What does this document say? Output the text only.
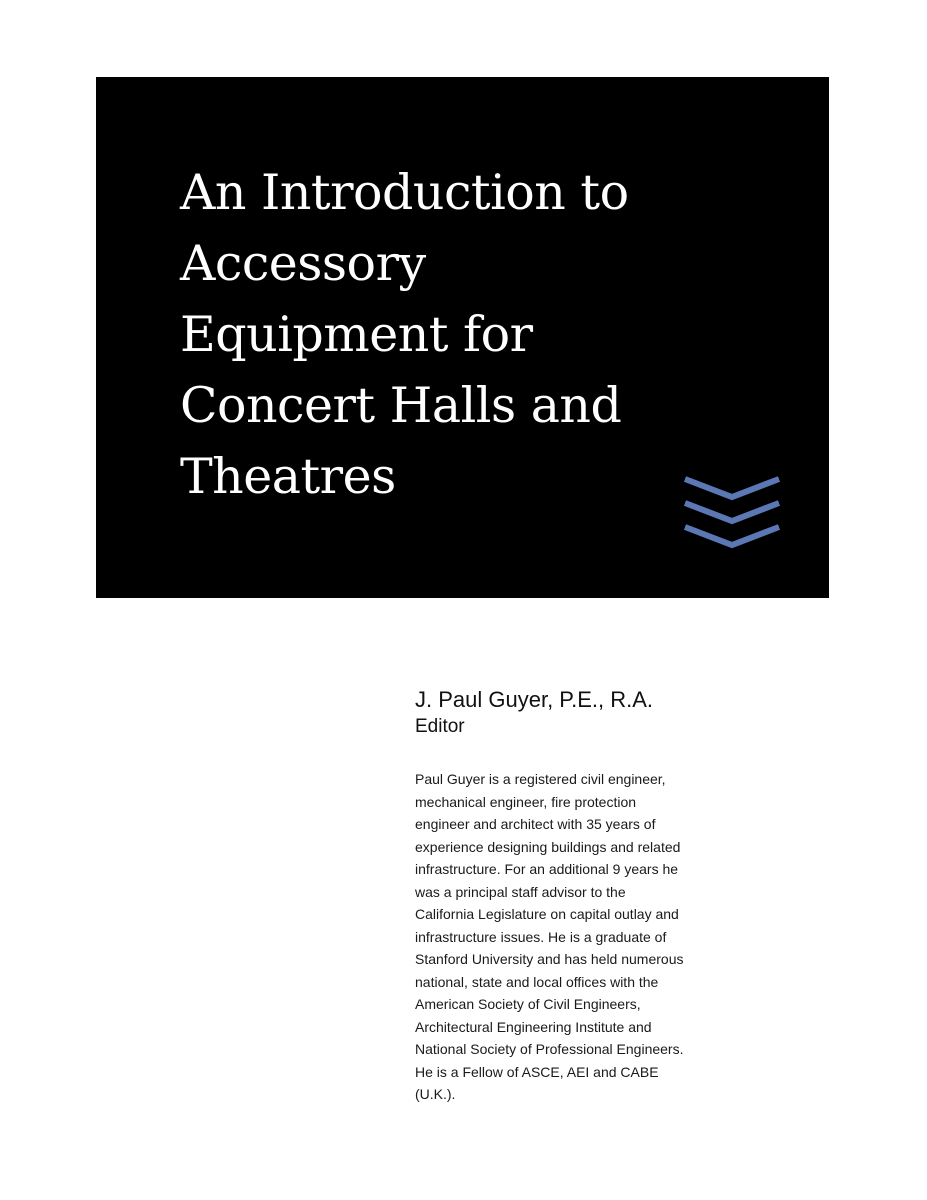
An Introduction to
Accessory
Equipment for
Concert Halls and
Theatres

J. Paul Guyer, P.E., R.A.

Editor

Paul Guyer is a registered civil engineer,
mechanical engineer, fire protection
engineer and architect with 35 years of
experience designing buildings and related
infrastructure. For an additional 9 years he
was a principal staff advisor to the
California Legislature on capital outlay and
infrastructure issues. He is a graduate of
Stanford University and has held numerous
national, state and local offices with the
American Society of Civil Engineers,
Architectural Engineering Institute and
National Society of Professional Engineers.
He is a Fellow of ASCE, AEI and CABE
(U.K.).
